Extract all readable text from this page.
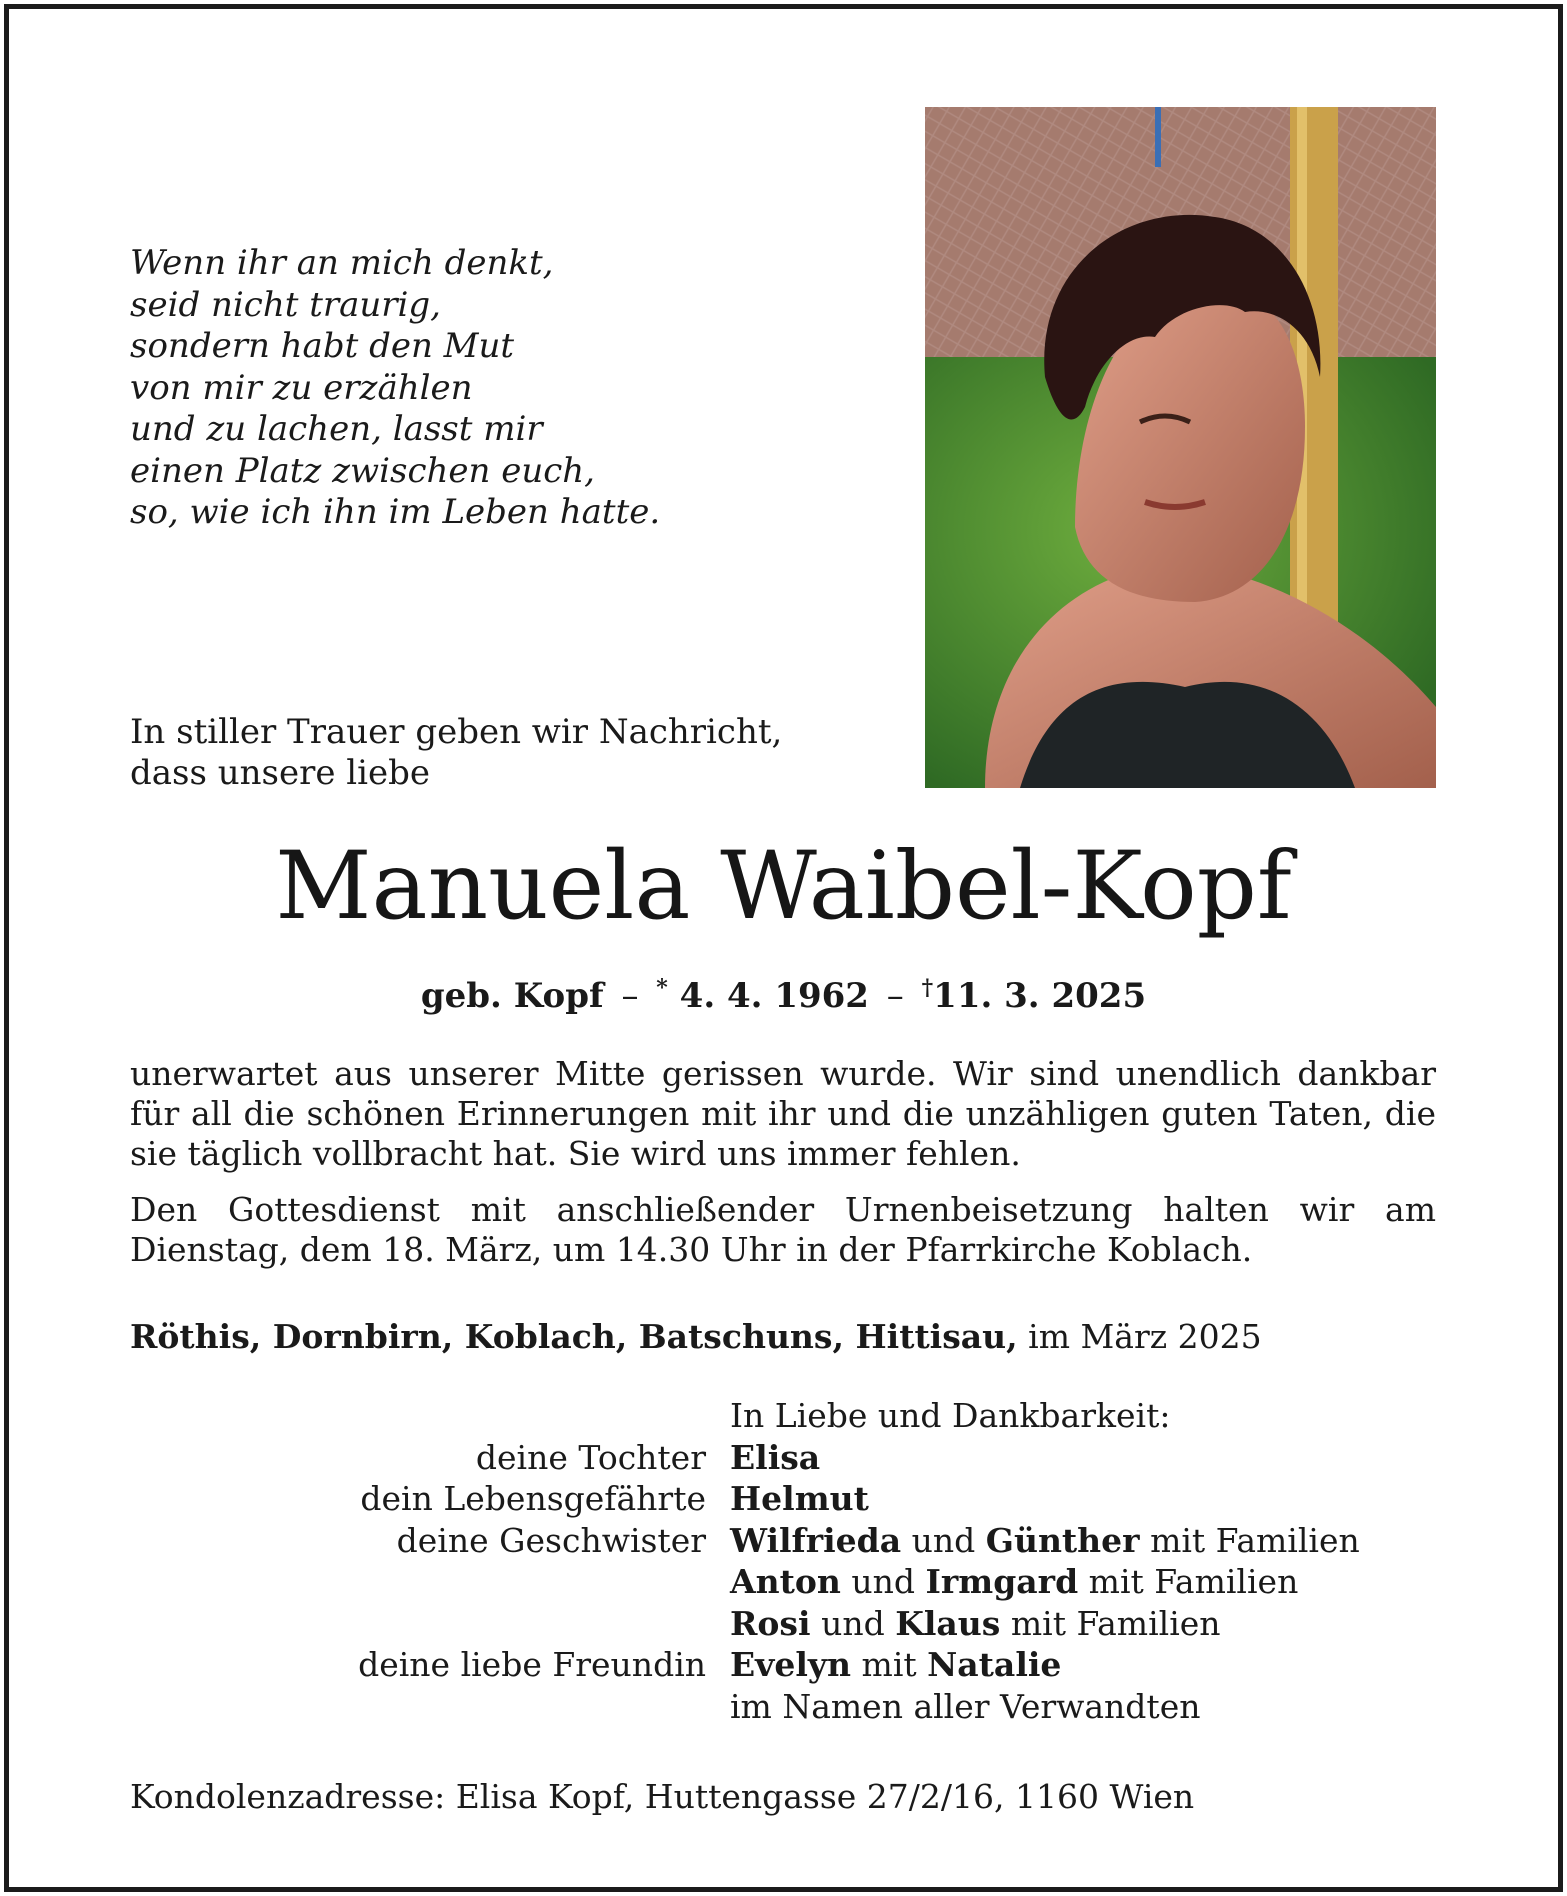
Wenn ihr an mich denkt,
seid nicht traurig,
sondern habt den Mut
von mir zu erzählen
und zu lachen, lasst mir
einen Platz zwischen euch,
so, wie ich ihn im Leben hatte.
In stiller Trauer geben wir Nachricht,
dass unsere liebe
Manuela Waibel-Kopf
geb. Kopf – * 4. 4. 1962 – †11. 3. 2025
unerwartet aus unserer Mitte gerissen wurde. Wir sind unendlich dankbar für all die schönen Erinnerungen mit ihr und die unzähligen guten Taten, die sie täglich vollbracht hat. Sie wird uns immer fehlen.
Den Gottesdienst mit anschließender Urnenbeisetzung halten wir am Dienstag, dem 18. März, um 14.30 Uhr in der Pfarrkirche Koblach.
Röthis, Dornbirn, Koblach, Batschuns, Hittisau, im März 2025
In Liebe und Dankbarkeit:
deine Tochter Elisa
dein Lebensgefährte Helmut
deine Geschwister Wilfrieda und Günther mit Familien
Anton und Irmgard mit Familien
Rosi und Klaus mit Familien
deine liebe Freundin Evelyn mit Natalie
im Namen aller Verwandten
Kondolenzadresse: Elisa Kopf, Huttengasse 27/2/16, 1160 Wien
